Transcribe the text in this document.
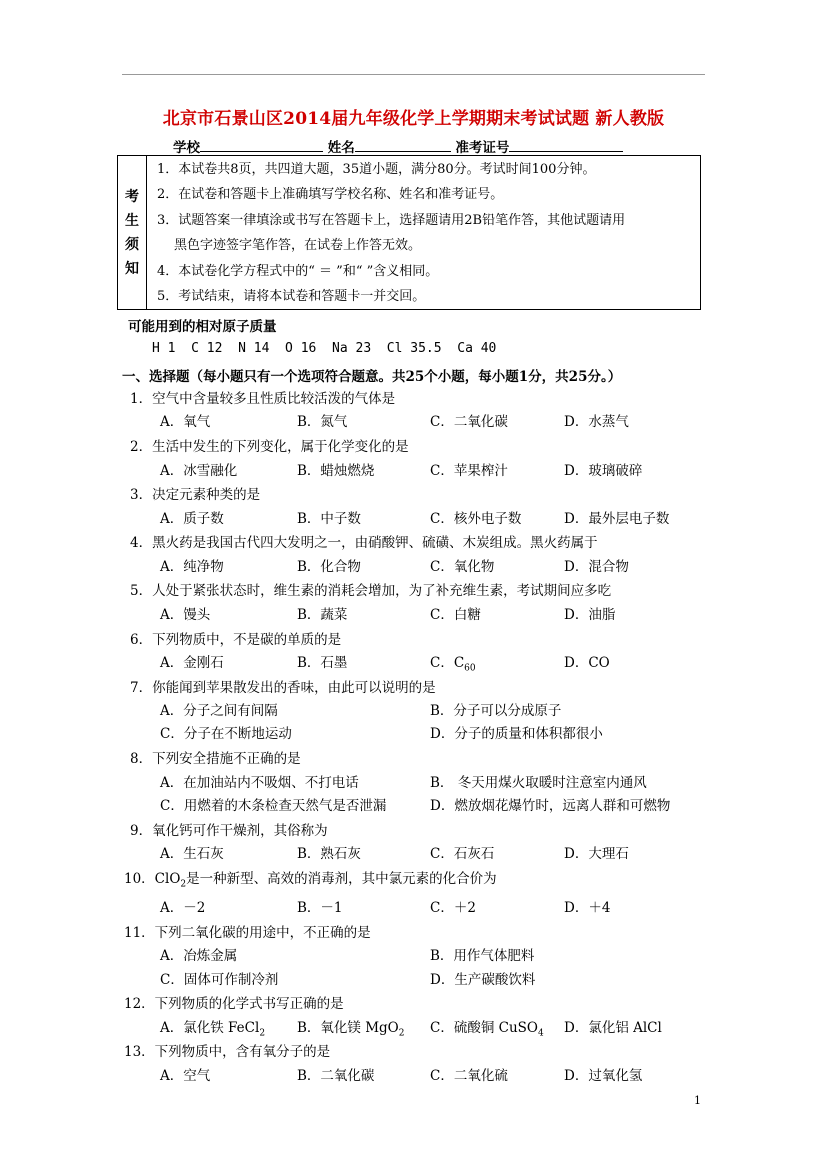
北京市石景山区2014届九年级化学上学期期末考试试题 新人教版
学校	姓名	准考证号
考
生
须
知

1．本试卷共8页，共四道大题，35道小题，满分80分。考试时间100分钟。
2．在试卷和答题卡上准确填写学校名称、姓名和准考证号。
3．试题答案一律填涂或书写在答题卡上，选择题请用2B铅笔作答，其他试题请用
黑色字迹签字笔作答，在试卷上作答无效。
4．本试卷化学方程式中的“ ＝ ”和“ ”含义相同。
5．考试结束，请将本试卷和答题卡一并交回。
可能用到的相对原子质量
H 1  C 12  N 14  O 16  Na 23  Cl 35.5  Ca 40
一、选择题（每小题只有一个选项符合题意。共25个小题，每小题1分，共25分。）
1．空气中含量较多且性质比较活泼的气体是
A．氧气	B．氮气	C．二氧化碳	D．水蒸气
2．生活中发生的下列变化，属于化学变化的是
A．冰雪融化	B．蜡烛燃烧	C．苹果榨汁	D．玻璃破碎
3．决定元素种类的是
A．质子数	B．中子数	C．核外电子数	D．最外层电子数
4．黑火药是我国古代四大发明之一，由硝酸钾、硫磺、木炭组成。黑火药属于
A．纯净物	B．化合物	C．氧化物	D．混合物
5．人处于紧张状态时，维生素的消耗会增加，为了补充维生素，考试期间应多吃
A．馒头	B．蔬菜	C．白糖	D．油脂
6．下列物质中，不是碳的单质的是
A．金刚石	B．石墨	C．$C_{60}$	D．CO
7．你能闻到苹果散发出的香味，由此可以说明的是
A．分子之间有间隔	B．分子可以分成原子
C．分子在不断地运动	D．分子的质量和体积都很小
8．下列安全措施不正确的是
A．在加油站内不吸烟、不打电话	B． 冬天用煤火取暖时注意室内通风
C．用燃着的木条检查天然气是否泄漏	D．燃放烟花爆竹时，远离人群和可燃物
9．氧化钙可作干燥剂，其俗称为
A．生石灰	B．熟石灰	C．石灰石	D．大理石
10．ClO$_2$是一种新型、高效的消毒剂，其中氯元素的化合价为
A．－2	B．－1	C．＋2	D．＋4
11．下列二氧化碳的用途中，不正确的是
A．冶炼金属	B．用作气体肥料
C．固体可作制冷剂	D．生产碳酸饮料
12．下列物质的化学式书写正确的是
A．氯化铁 FeCl$_2$ B．氧化镁 MgO$_2$ C．硫酸铜 CuSO$_4$ D．氯化铝 AlCl
13．下列物质中，含有氧分子的是
A．空气	B．二氧化碳	C．二氧化硫	D．过氧化氢
1
